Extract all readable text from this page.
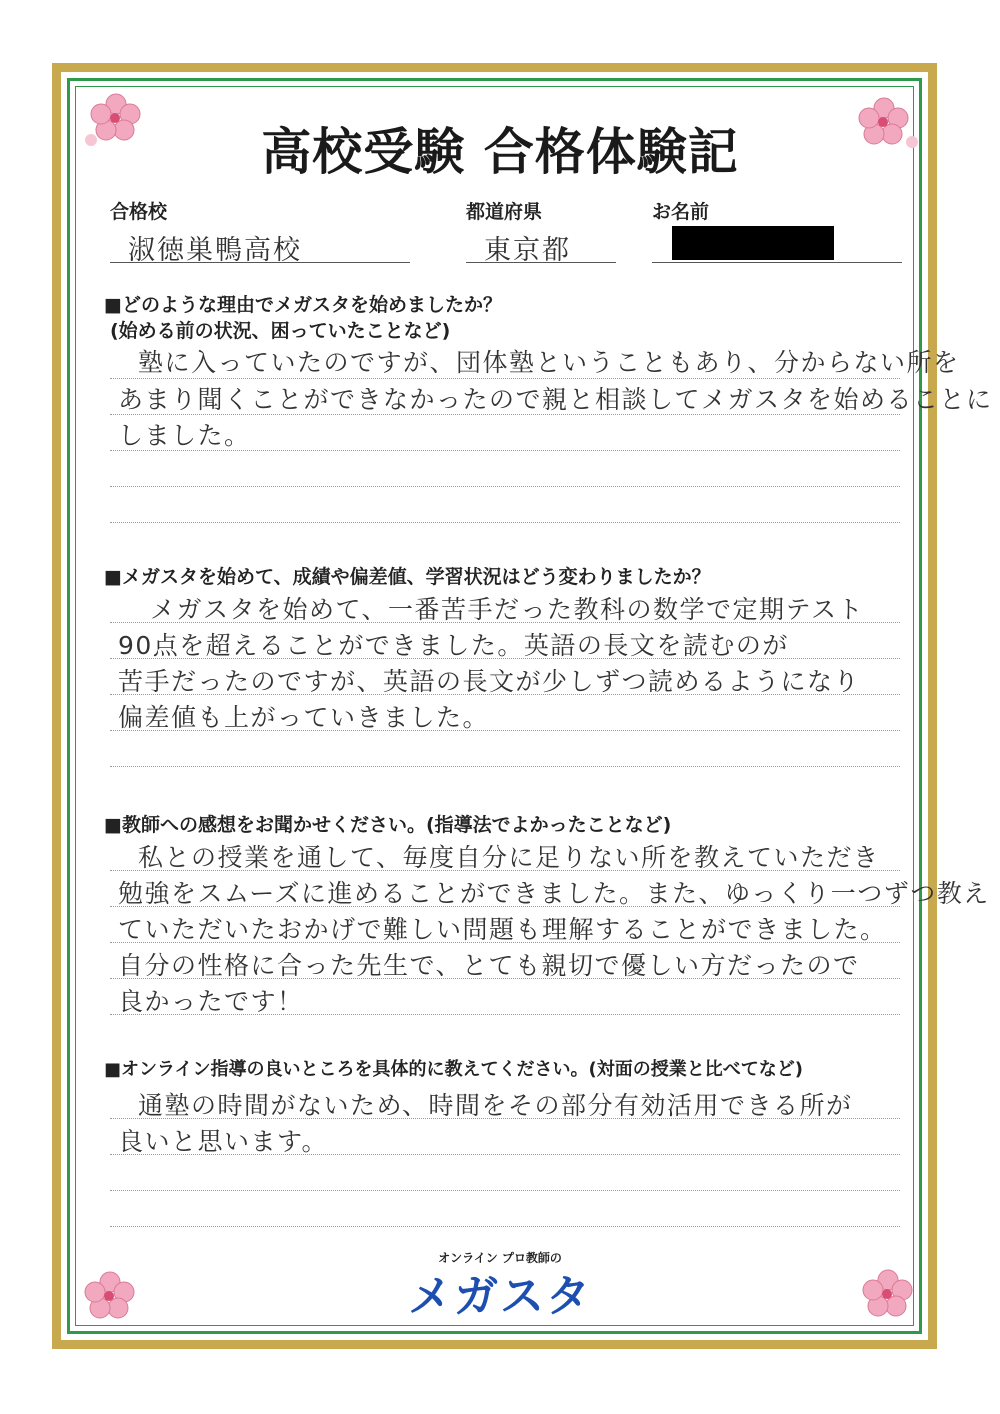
高校受験 合格体験記
合格校
淑徳巣鴨高校
都道府県
東京都
お名前
■どのような理由でメガスタを始めましたか？
(始める前の状況、困っていたことなど)
塾に入っていたのですが、団体塾ということもあり、分からない所を
あまり聞くことができなかったので親と相談してメガスタを始めることに
しました。
■メガスタを始めて、成績や偏差値、学習状況はどう変わりましたか？
メガスタを始めて、一番苦手だった教科の数学で定期テスト
90点を超えることができました。英語の長文を読むのが
苦手だったのですが、英語の長文が少しずつ読めるようになり
偏差値も上がっていきました。
■教師への感想をお聞かせください。(指導法でよかったことなど)
私との授業を通して、毎度自分に足りない所を教えていただき
勉強をスムーズに進めることができました。また、ゆっくり一つずつ教え
ていただいたおかげで難しい問題も理解することができました。
自分の性格に合った先生で、とても親切で優しい方だったので
良かったです！
■オンライン指導の良いところを具体的に教えてください。(対面の授業と比べてなど)
通塾の時間がないため、時間をその部分有効活用できる所が
良いと思います。
オンライン プロ教師の
メガスタ
